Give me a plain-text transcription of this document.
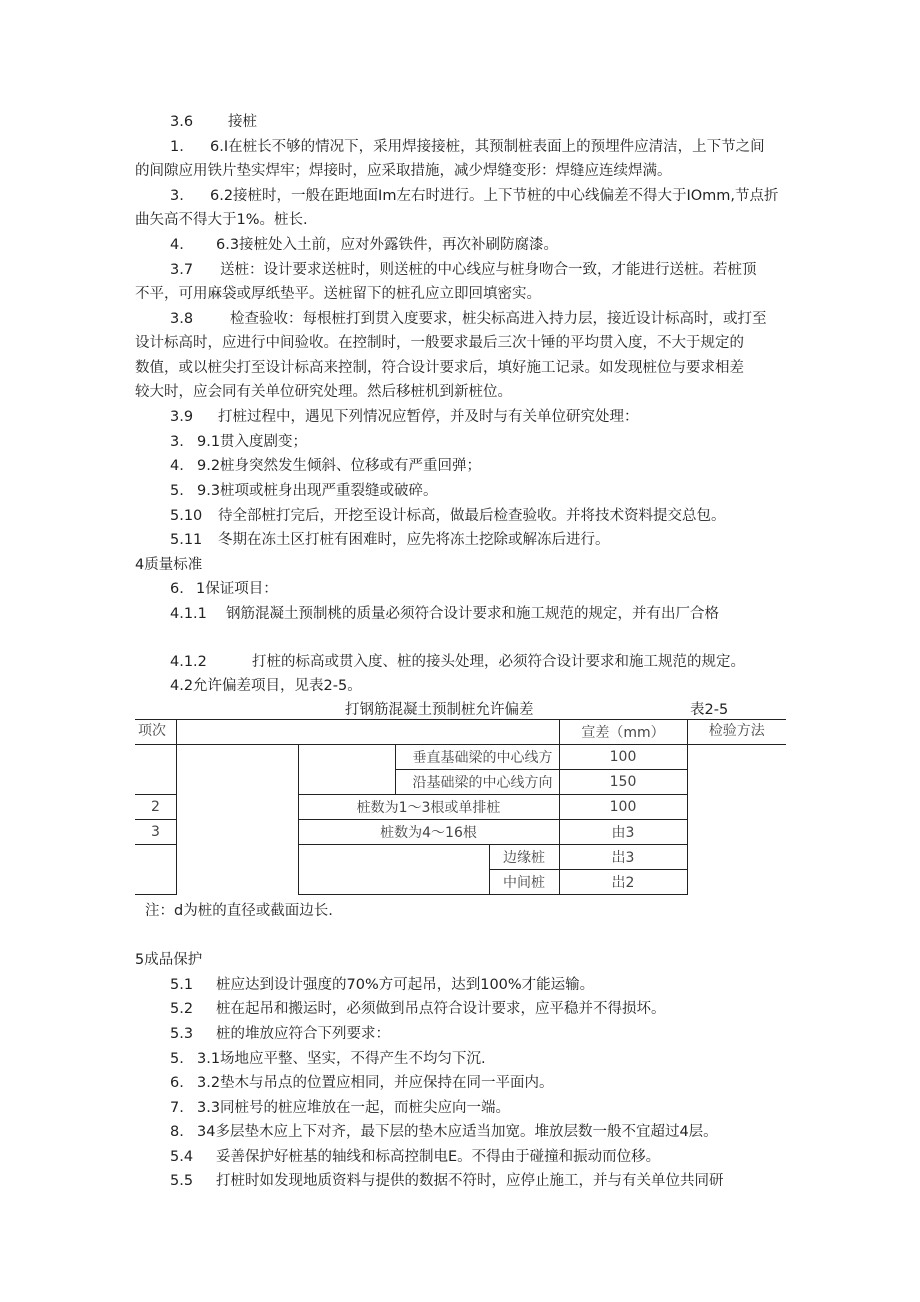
3.6 接桩
1. 6.I在桩长不够的情况下，采用焊接接桩，其预制桩表面上的预埋件应清洁，上下节之间
的间隙应用铁片垫实焊牢；焊接时，应采取措施，减少焊缝变形：焊缝应连续焊满。
3. 6.2接桩时，一般在距地面Im左右时进行。上下节桩的中心线偏差不得大于IOmm,节点折
曲矢高不得大于1%。桩长.
4. 6.3接桩处入土前，应对外露铁件，再次补刷防腐漆。
3.7 送桩：设计要求送桩时，则送桩的中心线应与桩身吻合一致，才能进行送桩。若桩顶
不平，可用麻袋或厚纸垫平。送桩留下的桩孔应立即回填密实。
3.8	检查验收：每根桩打到贯入度要求，桩尖标高进入持力层，接近设计标高时，或打至
设计标高时，应进行中间验收。在控制时，一般要求最后三次十锤的平均贯入度，不大于规定的
数值，或以桩尖打至设计标高来控制，符合设计要求后，填好施工记录。如发现桩位与要求相差
较大时，应会同有关单位研究处理。然后移桩机到新桩位。
3.9 打桩过程中，遇见下列情况应暂停，并及时与有关单位研究处理：
3. 9.1贯入度剧变；
4. 9.2桩身突然发生倾斜、位移或有严重回弹；
5. 9.3桩项或桩身出现严重裂缝或破碎。
5.10 待全部桩打完后，开挖至设计标高，做最后检查验收。并将技术资料提交总包。
5.11 冬期在冻土区打桩有困难时，应先将冻土挖除或解冻后进行。
4质量标准
6. 1保证项目：
4.1.1 钢筋混凝土预制桃的质量必须符合设计要求和施工规范的规定，并有出厂合格
4.1.2	打桩的标高或贯入度、桩的接头处理，必须符合设计要求和施工规范的规定。
4.2允许偏差项目，见表2-5。
打钢筋混凝土预制桩允许偏差	表2-5
项次					宣差（mm）	检验方法
			垂直基础梁的中心线方		100	
			沿基础梁的中心线方向		150	
2		桩数为1～3根或单排桩			100	
3		桩数为4～16根			由3	
				边缘桩	岀3	
				中间桩	岀2	
注：d为桩的直径或截面边长.
5成品保护
5.1 桩应达到设计强度的70%方可起吊，达到100%才能运输。
5.2 桩在起吊和搬运时，必须做到吊点符合设计要求，应平稳并不得损坏。
5.3 桩的堆放应符合下列要求：
5. 3.1场地应平整、坚实，不得产生不均匀下沉.
6. 3.2垫木与吊点的位置应相同，并应保持在同一平面内。
7. 3.3同桩号的桩应堆放在一起，而桩尖应向一端。
8. 34多层垫木应上下对齐，最下层的垫木应适当加宽。堆放层数一般不宜超过4层。
5.4 妥善保护好桩基的轴线和标高控制电E。不得由于碰撞和振动而位移。
5.5 打桩时如发现地质资料与提供的数据不符时，应停止施工，并与有关单位共同研
